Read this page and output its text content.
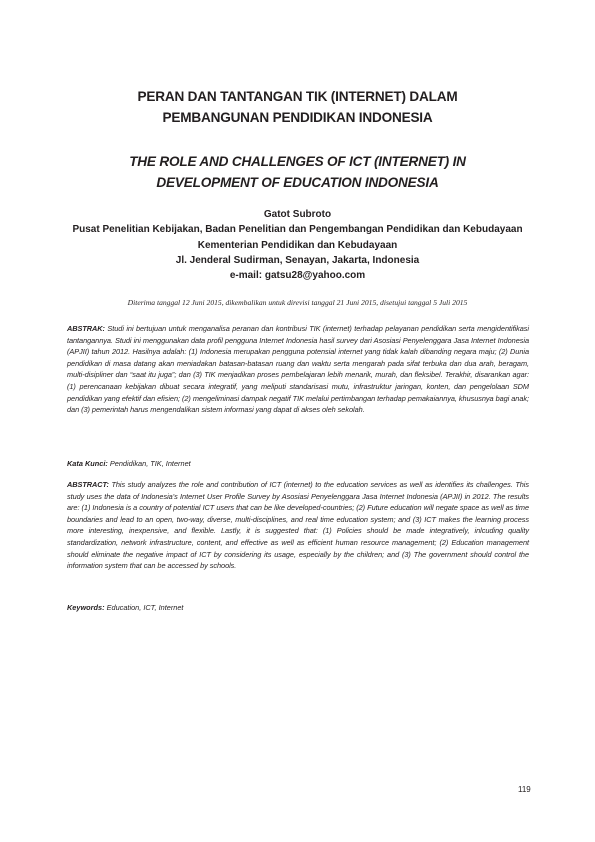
PERAN DAN TANTANGAN TIK (INTERNET) DALAM
PEMBANGUNAN PENDIDIKAN INDONESIA
THE ROLE AND CHALLENGES OF ICT (INTERNET) IN
DEVELOPMENT OF EDUCATION INDONESIA
Gatot Subroto
Pusat Penelitian Kebijakan, Badan Penelitian dan Pengembangan Pendidikan dan Kebudayaan
Kementerian Pendidikan dan Kebudayaan
Jl. Jenderal Sudirman, Senayan, Jakarta, Indonesia
e-mail: gatsu28@yahoo.com
Diterima tanggal 12 Juni 2015, dikembalikan untuk direvisi tanggal 21 Juni 2015, disetujui tanggal 5 Juli 2015
ABSTRAK: Studi ini bertujuan untuk menganalisa peranan dan kontribusi TIK (internet) terhadap pelayanan pendidikan serta mengidentifikasi tantangannya. Studi ini menggunakan data profil pengguna Internet Indonesia hasil survey dari Asosiasi Penyelenggara Jasa Internet Indonesia (APJII) tahun 2012. Hasilnya adalah: (1) Indonesia merupakan pengguna potensial internet yang tidak kalah dibanding negara maju; (2) Dunia pendidikan di masa datang akan meniadakan batasan-batasan ruang dan waktu serta mengarah pada sifat terbuka dan dua arah, beragam, multi-disipliner dan “saat itu juga”; dan (3) TIK menjadikan proses pembelajaran lebih menarik, murah, dan fleksibel. Terakhir, disarankan agar: (1) perencanaan kebijakan dibuat secara integratif, yang meliputi standarisasi mutu, infrastruktur jaringan, konten, dan pengelolaan SDM pendidikan yang efektif dan efisien; (2) mengeliminasi dampak negatif TIK melalui pertimbangan terhadap pemakaiannya, khususnya bagi anak; dan (3) pemerintah harus mengendalikan sistem informasi yang dapat di akses oleh sekolah.
Kata Kunci: Pendidikan, TIK, Internet
ABSTRACT: This study analyzes the role and contribution of ICT (internet) to the education services as well as identifies its challenges. This study uses the data of Indonesia’s Internet User Profile Survey by Asosiasi Penyelenggara Jasa Internet Indonesia (APJII) in 2012. The results are: (1) Indonesia is a country of potential ICT users that can be like developed-countries; (2) Future education will negate space as well as time boundaries and lead to an open, two-way, diverse, multi-disciplines, and real time education system; and (3) ICT makes the learning process more interesting, inexpensive, and flexible. Lastly, it is suggested that: (1) Policies should be made integratively, inlcuding quality standardization, network infrastructure, content, and effective as well as efficient human resource management; (2) Education management should eliminate the negative impact of ICT by considering its usage, especially by the children; and (3) The government should control the information system that can be accessed by schools.
Keywords: Education, ICT, Internet
119
